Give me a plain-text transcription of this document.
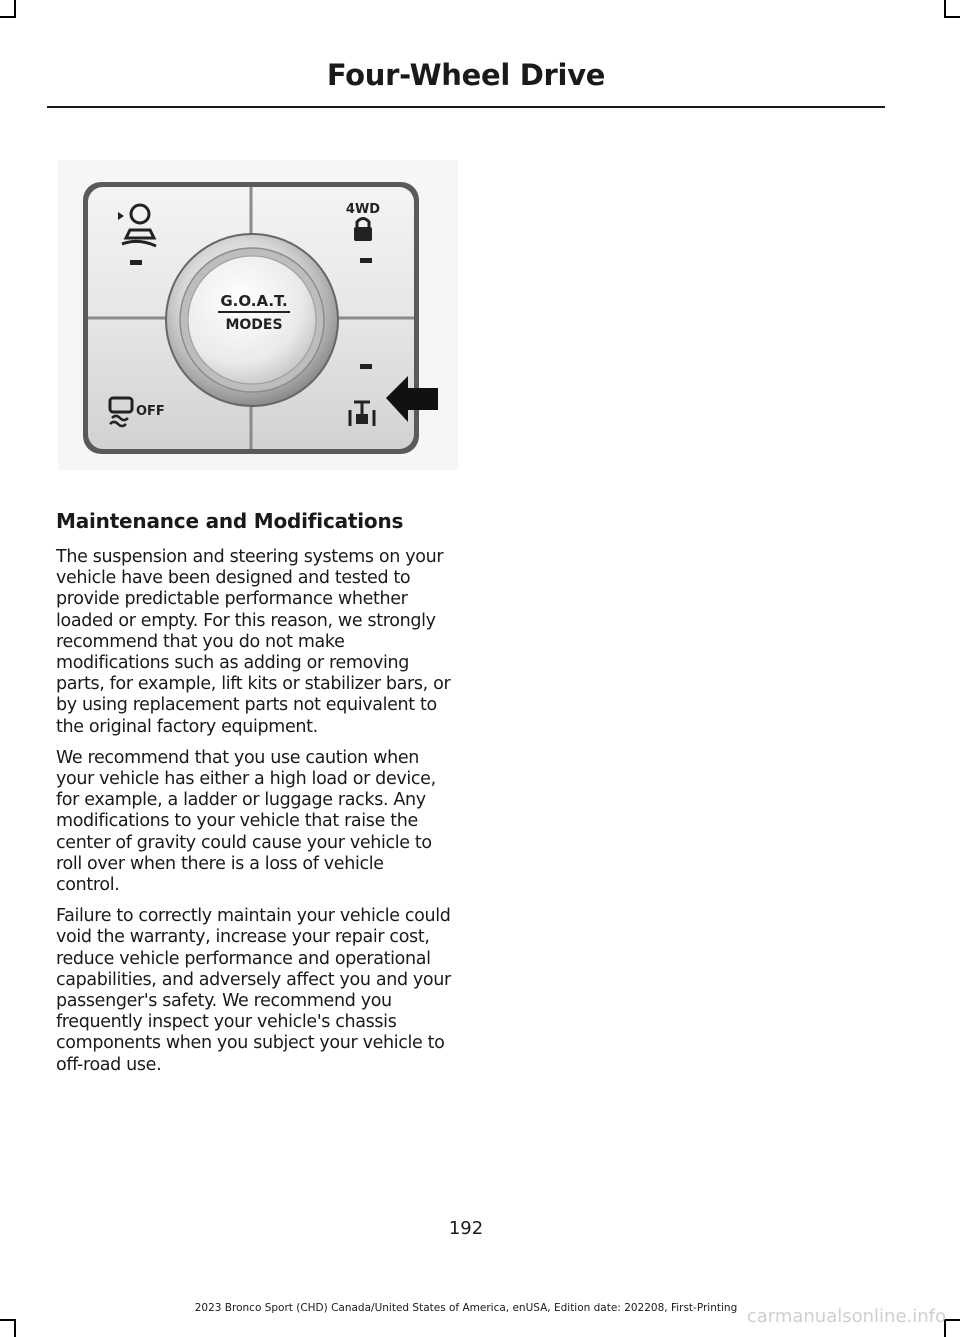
Four-Wheel Drive
G.O.A.T.
MODES
4WD
OFF
Maintenance and Modifications

The suspension and steering systems on your vehicle have been designed and tested to provide predictable performance whether loaded or empty. For this reason, we strongly recommend that you do not make modifications such as adding or removing parts, for example, lift kits or stabilizer bars, or by using replacement parts not equivalent to the original factory equipment.

We recommend that you use caution when your vehicle has either a high load or device, for example, a ladder or luggage racks. Any modifications to your vehicle that raise the center of gravity could cause your vehicle to roll over when there is a loss of vehicle control.

Failure to correctly maintain your vehicle could void the warranty, increase your repair cost, reduce vehicle performance and operational capabilities, and adversely affect you and your passenger's safety. We recommend you frequently inspect your vehicle's chassis components when you subject your vehicle to off-road use.

192
2023 Bronco Sport (CHD) Canada/United States of America, enUSA, Edition date: 202208, First-Printing carmanualsonline.info
